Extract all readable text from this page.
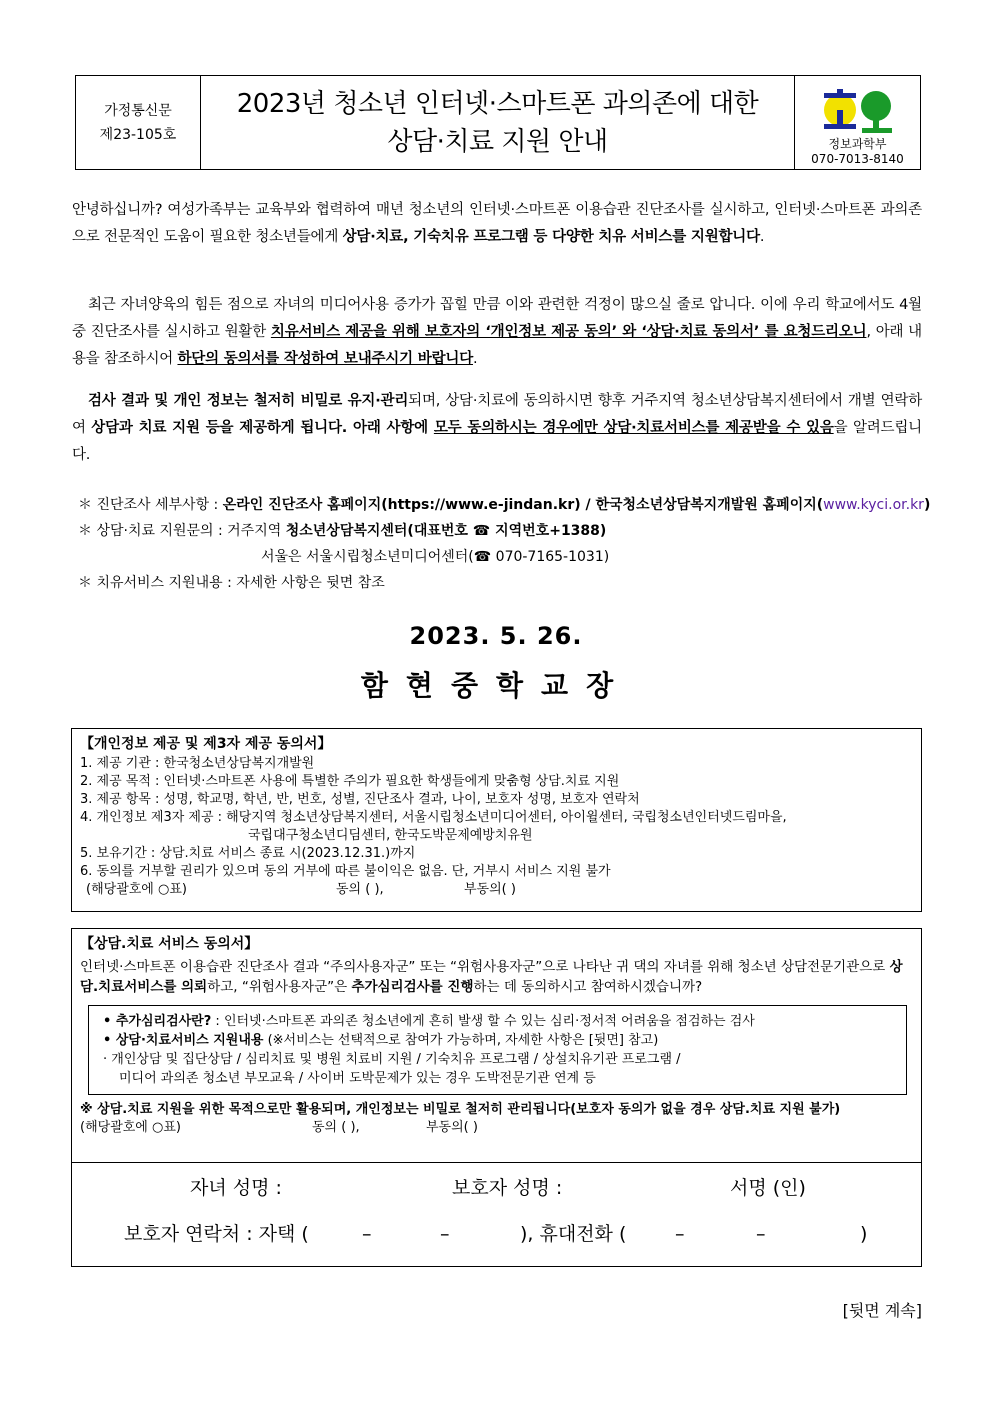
가정통신문
제23-105호
2023년 청소년 인터넷·스마트폰 과의존에 대한
상담·치료 지원 안내	정보과학부
070-7013-8140
안녕하십니까? 여성가족부는 교육부와 협력하여 매년 청소년의 인터넷·스마트폰 이용습관 진단조사를 실시하고, 인터넷·스마트폰 과의존으로 전문적인 도움이 필요한 청소년들에게 상담·치료, 기숙치유 프로그램 등 다양한 치유 서비스를 지원합니다.
최근 자녀양육의 힘든 점으로 자녀의 미디어사용 증가가 꼽힐 만큼 이와 관련한 걱정이 많으실 줄로 압니다. 이에 우리 학교에서도 4월 중 진단조사를 실시하고 원활한 치유서비스 제공을 위해 보호자의 ‘개인정보 제공 동의’ 와 ‘상담·치료 동의서’ 를 요청드리오니, 아래 내용을 참조하시어 하단의 동의서를 작성하여 보내주시기 바랍니다.
검사 결과 및 개인 정보는 철저히 비밀로 유지·관리되며, 상담·치료에 동의하시면 향후 거주지역 청소년상담복지센터에서 개별 연락하여 상담과 치료 지원 등을 제공하게 됩니다. 아래 사항에 모두 동의하시는 경우에만 상담·치료서비스를 제공받을 수 있음을 알려드립니다.
＊ 진단조사 세부사항 : 온라인 진단조사 홈페이지(https://www.e-jindan.kr) / 한국청소년상담복지개발원 홈페이지(www.kyci.or.kr)
＊ 상담·치료 지원문의 : 거주지역 청소년상담복지센터(대표번호 ☎ 지역번호+1388)
서울은 서울시립청소년미디어센터(☎ 070-7165-1031)
＊ 치유서비스 지원내용 : 자세한 사항은 뒷면 참조
2023. 5. 26.
함현중학교장
【개인정보 제공 및 제3자 제공 동의서】
1. 제공 기관 : 한국청소년상담복지개발원
2. 제공 목적 : 인터넷·스마트폰 사용에 특별한 주의가 필요한 학생들에게 맞춤형 상담.치료 지원
3. 제공 항목 : 성명, 학교명, 학년, 반, 번호, 성별, 진단조사 결과, 나이, 보호자 성명, 보호자 연락처
4. 개인정보 제3자 제공 : 해당지역 청소년상담복지센터, 서울시립청소년미디어센터, 아이윌센터, 국립청소년인터넷드림마을,
국립대구청소년디딤센터, 한국도박문제예방치유원
5. 보유기간 : 상담.치료 서비스 종료 시(2023.12.31.)까지
6. 동의를 거부할 권리가 있으며 동의 거부에 따른 불이익은 없음. 단, 거부시 서비스 지원 불가
(해당괄호에 ○표)	동의 ( ),	부동의( )
【상담.치료 서비스 동의서】
인터넷·스마트폰 이용습관 진단조사 결과 “주의사용자군” 또는 “위험사용자군”으로 나타난 귀 댁의 자녀를 위해 청소년 상담전문기관으로 상담.치료서비스를 의뢰하고, “위험사용자군”은 추가심리검사를 진행하는 데 동의하시고 참여하시겠습니까?
• 추가심리검사란? : 인터넷·스마트폰 과의존 청소년에게 흔히 발생 할 수 있는 심리·정서적 어려움을 점검하는 검사
• 상담·치료서비스 지원내용 (※서비스는 선택적으로 참여가 가능하며, 자세한 사항은 [뒷면] 참고)
· 개인상담 및 집단상담 / 심리치료 및 병원 치료비 지원 / 기숙치유 프로그램 / 상설치유기관 프로그램 /
미디어 과의존 청소년 부모교육 / 사이버 도박문제가 있는 경우 도박전문기관 연계 등
※ 상담.치료 지원을 위한 목적으로만 활용되며, 개인정보는 비밀로 철저히 관리됩니다(보호자 동의가 없을 경우 상담.치료 지원 불가)
(해당괄호에 ○표)	동의 ( ),	부동의( )
자녀 성명 :	보호자 성명 :	서명 (인)
보호자 연락처 : 자택 (	–	–	), 휴대전화 (	–	–	)
[뒷면 계속]
